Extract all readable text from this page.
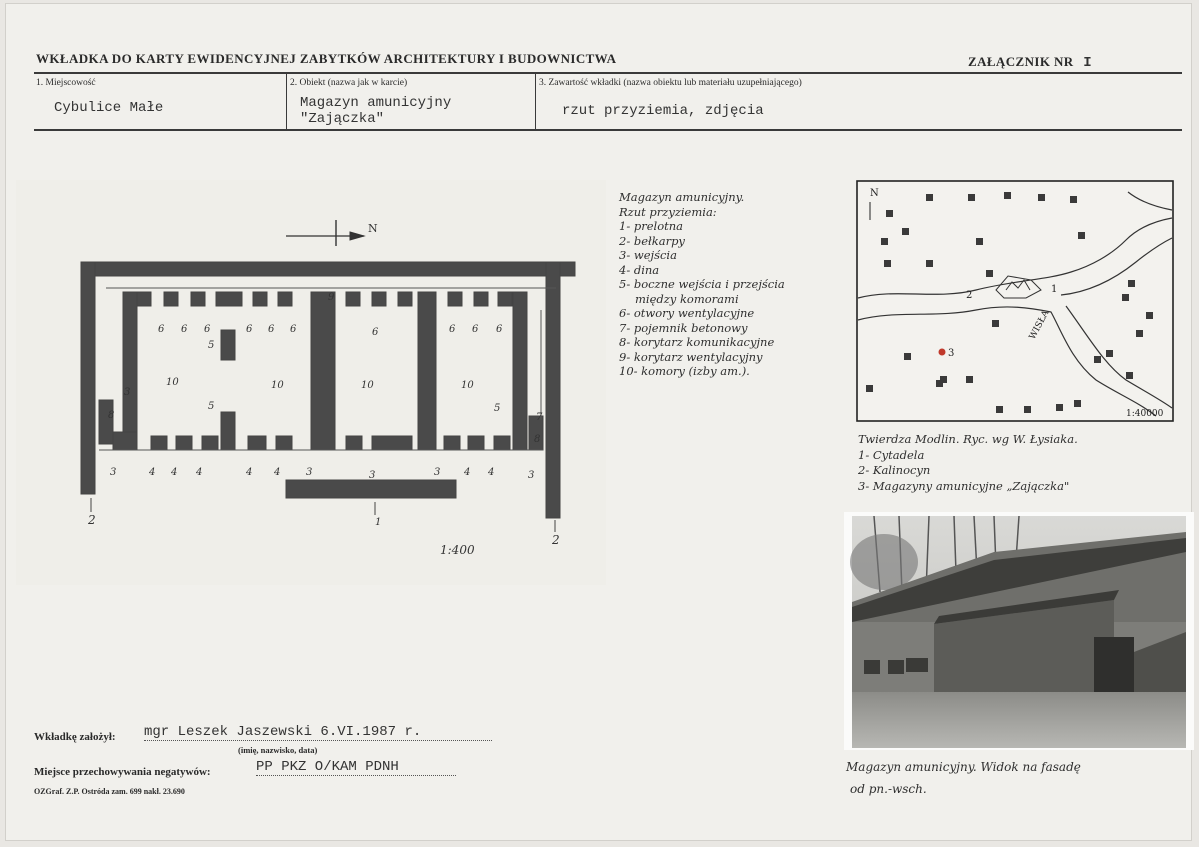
WKŁADKA DO KARTY EWIDENCYJNEJ ZABYTKÓW ARCHITEKTURY I BUDOWNICTWA	ZAŁĄCZNIK NR I
1. Miejscowość
Cybulice Małe
2. Obiekt (nazwa jak w karcie)
Magazyn amunicyjny
"Zajączka"
3. Zawartość wkładki (nazwa obiektu lub materiału uzupełniającego)
rzut przyziemia, zdjęcia
N
10	10	10	10
6 6 6	6 6 6	6	6 6 6
5
5	5
8
8
7
3
9
3	3	3	3	3
4 4 4	4 4	4 4
1
2
2
1:400

Magazyn amunicyjny.

Rzut przyziemia:

1- prelotna

2- bełkarpy

3- wejścia

4- dina

5- boczne wejścia i przejścia

między komorami

6- otwory wentylacyjne

7- pojemnik betonowy

8- korytarz komunikacyjne

9- korytarz wentylacyjny

10- komory (izby am.).

N
3
2
1
1:40000
WISŁA
Twierdza Modlin. Ryc. wg W. Łysiaka.
1- Cytadela
2- Kalinocyn
3- Magazyny amunicyjne „Zajączka"
Magazyn amunicyjny. Widok na fasadę
od pn.-wsch.
Wkładkę założył: mgr Leszek Jaszewski 6.VI.1987 r.
(imię, nazwisko, data)
Miejsce przechowywania negatywów:	PP PKZ O/KAM PDNH
OZGraf. Z.P. Ostróda zam. 699 nakł. 23.690
